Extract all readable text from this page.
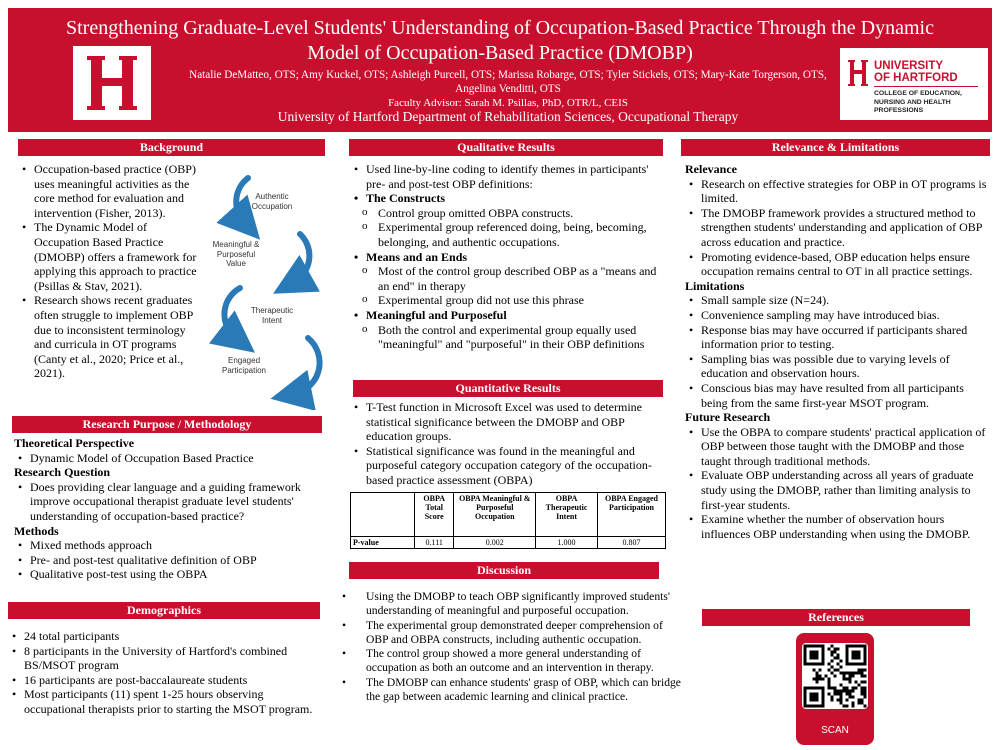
Strengthening Graduate-Level Students' Understanding of Occupation-Based Practice Through the Dynamic Model of Occupation-Based Practice (DMOBP)
Natalie DeMatteo, OTS; Amy Kuckel, OTS; Ashleigh Purcell, OTS; Marissa Robarge, OTS; Tyler Stickels, OTS; Mary-Kate Torgerson, OTS, Angelina Venditti, OTS
Faculty Advisor: Sarah M. Psillas, PhD, OTR/L, CEIS
University of Hartford Department of Rehabilitation Sciences, Occupational Therapy
UNIVERSITY
OF HARTFORD
COLLEGE OF EDUCATION,
NURSING AND HEALTH PROFESSIONS
Background
• Occupation-based practice (OBP) uses meaningful activities as the core method for evaluation and intervention (Fisher, 2013).
• The Dynamic Model of Occupation Based Practice (DMOBP) offers a framework for applying this approach to practice (Psillas & Stav, 2021).
• Research shows recent graduates often struggle to implement OBP due to inconsistent terminology and curricula in OT programs (Canty et al., 2020; Price et al., 2021).
Authentic
Occupation
Meaningful &
Purposeful
Value
Therapeutic
Intent
Engaged
Participation
Research Purpose / Methodology
Theoretical Perspective
• Dynamic Model of Occupation Based Practice
Research Question
• Does providing clear language and a guiding framework improve occupational therapist graduate level students' understanding of occupation-based practice?
Methods
• Mixed methods approach
• Pre- and post-test qualitative definition of OBP
• Qualitative post-test using the OBPA
Demographics
• 24 total participants
• 8 participants in the University of Hartford's combined BS/MSOT program
• 16 participants are post-baccalaureate students
• Most participants (11) spent 1-25 hours observing occupational therapists prior to starting the MSOT program.
Qualitative Results
• Used line-by-line coding to identify themes in participants' pre- and post-test OBP definitions:
• The Constructs
o Control group omitted OBPA constructs.
o Experimental group referenced doing, being, becoming, belonging, and authentic occupations.
• Means and an Ends
o Most of the control group described OBP as a "means and an end" in therapy
o Experimental group did not use this phrase
• Meaningful and Purposeful
o Both the control and experimental group equally used "meaningful" and "purposeful" in their OBP definitions
Quantitative Results
• T-Test function in Microsoft Excel was used to determine statistical significance between the DMOBP and OBP education groups.
• Statistical significance was found in the meaningful and purposeful category occupation category of the occupation-based practice assessment (OBPA)
	OBPA Total Score	OBPA Meaningful & Purposeful Occupation	OBPA Therapeutic Intent	OBPA Engaged Participation
P-value	0.111	0.002	1.000	0.807
Discussion
• Using the DMOBP to teach OBP significantly improved students' understanding of meaningful and purposeful occupation.
• The experimental group demonstrated deeper comprehension of OBP and OBPA constructs, including authentic occupation.
• The control group showed a more general understanding of occupation as both an outcome and an intervention in therapy.
• The DMOBP can enhance students' grasp of OBP, which can bridge the gap between academic learning and clinical practice.
Relevance & Limitations
Relevance
• Research on effective strategies for OBP in OT programs is limited.
• The DMOBP framework provides a structured method to strengthen students' understanding and application of OBP across education and practice.
• Promoting evidence-based, OBP education helps ensure occupation remains central to OT in all practice settings.
Limitations
• Small sample size (N=24).
• Convenience sampling may have introduced bias.
• Response bias may have occurred if participants shared information prior to testing.
• Sampling bias was possible due to varying levels of education and observation hours.
• Conscious bias may have resulted from all participants being from the same first-year MSOT program.
Future Research
• Use the OBPA to compare students' practical application of OBP between those taught with the DMOBP and those taught through traditional methods.
• Evaluate OBP understanding across all years of graduate study using the DMOBP, rather than limiting analysis to first-year students.
• Examine whether the number of observation hours influences OBP understanding when using the DMOBP.
References
SCAN
